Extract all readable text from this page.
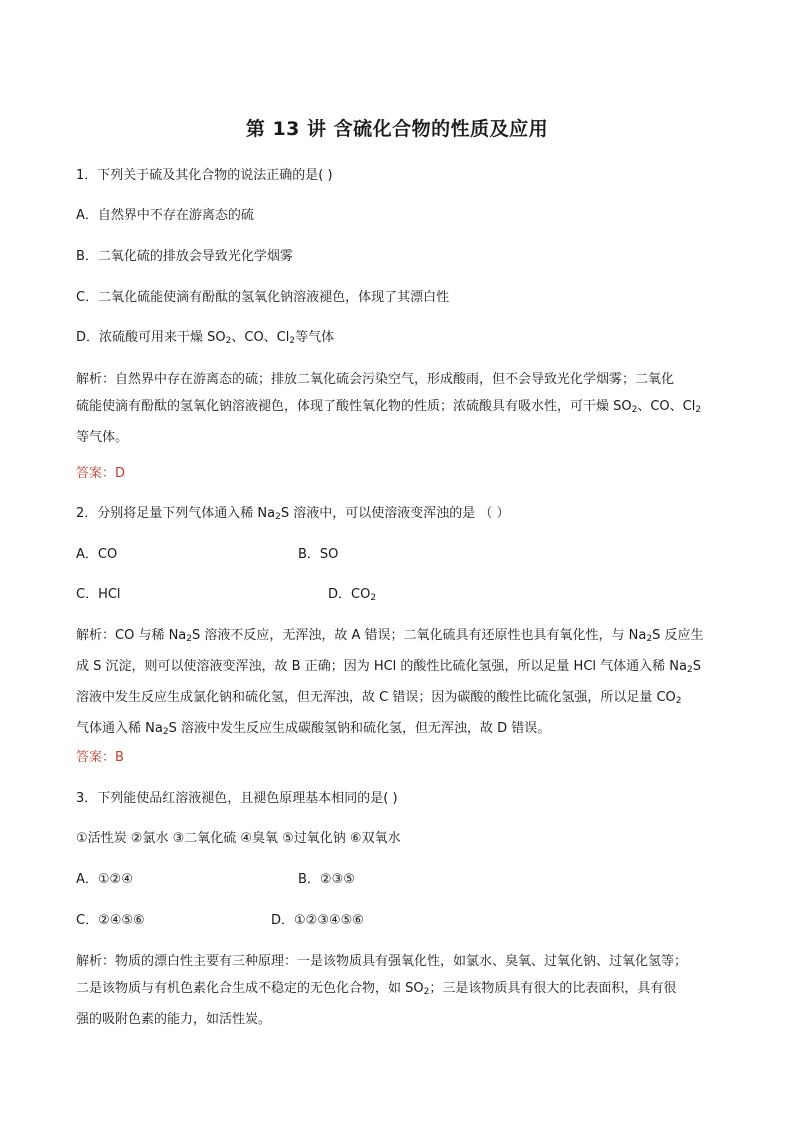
第 13 讲 含硫化合物的性质及应用
1．下列关于硫及其化合物的说法正确的是( )
A．自然界中不存在游离态的硫
B．二氧化硫的排放会导致光化学烟雾
C．二氧化硫能使滴有酚酞的氢氧化钠溶液褪色，体现了其漂白性
D．浓硫酸可用来干燥 $SO_2$、CO、$Cl_2$等气体
解析：自然界中存在游离态的硫；排放二氧化硫会污染空气，形成酸雨，但不会导致光化学烟雾；二氧化
硫能使滴有酚酞的氢氧化钠溶液褪色，体现了酸性氧化物的性质；浓硫酸具有吸水性，可干燥 $SO_2$、CO、$Cl_2$
等气体。
答案：D
2．分别将足量下列气体通入稀 $Na_2S$ 溶液中，可以使溶液变浑浊的是 （ ）
A．CO	B．SO
C．HCl	D．$CO_2$
解析：CO 与稀 $Na_2S$ 溶液不反应，无浑浊，故 A 错误；二氧化硫具有还原性也具有氧化性，与 $Na_2S$ 反应生
成 S 沉淀，则可以使溶液变浑浊，故 B 正确；因为 HCl 的酸性比硫化氢强，所以足量 HCl 气体通入稀 $Na_2S$
溶液中发生反应生成氯化钠和硫化氢，但无浑浊，故 C 错误；因为碳酸的酸性比硫化氢强，所以足量 $CO_2$
气体通入稀 $Na_2S$ 溶液中发生反应生成碳酸氢钠和硫化氢，但无浑浊，故 D 错误。
答案：B
3．下列能使品红溶液褪色，且褪色原理基本相同的是( )
①活性炭 ②氯水 ③二氧化硫 ④臭氧 ⑤过氧化钠 ⑥双氧水
A．①②④	B．②③⑤
C．②④⑤⑥	D．①②③④⑤⑥
解析：物质的漂白性主要有三种原理：一是该物质具有强氧化性，如氯水、臭氧、过氧化钠、过氧化氢等；
二是该物质与有机色素化合生成不稳定的无色化合物，如 $SO_2$；三是该物质具有很大的比表面积，具有很
强的吸附色素的能力，如活性炭。
